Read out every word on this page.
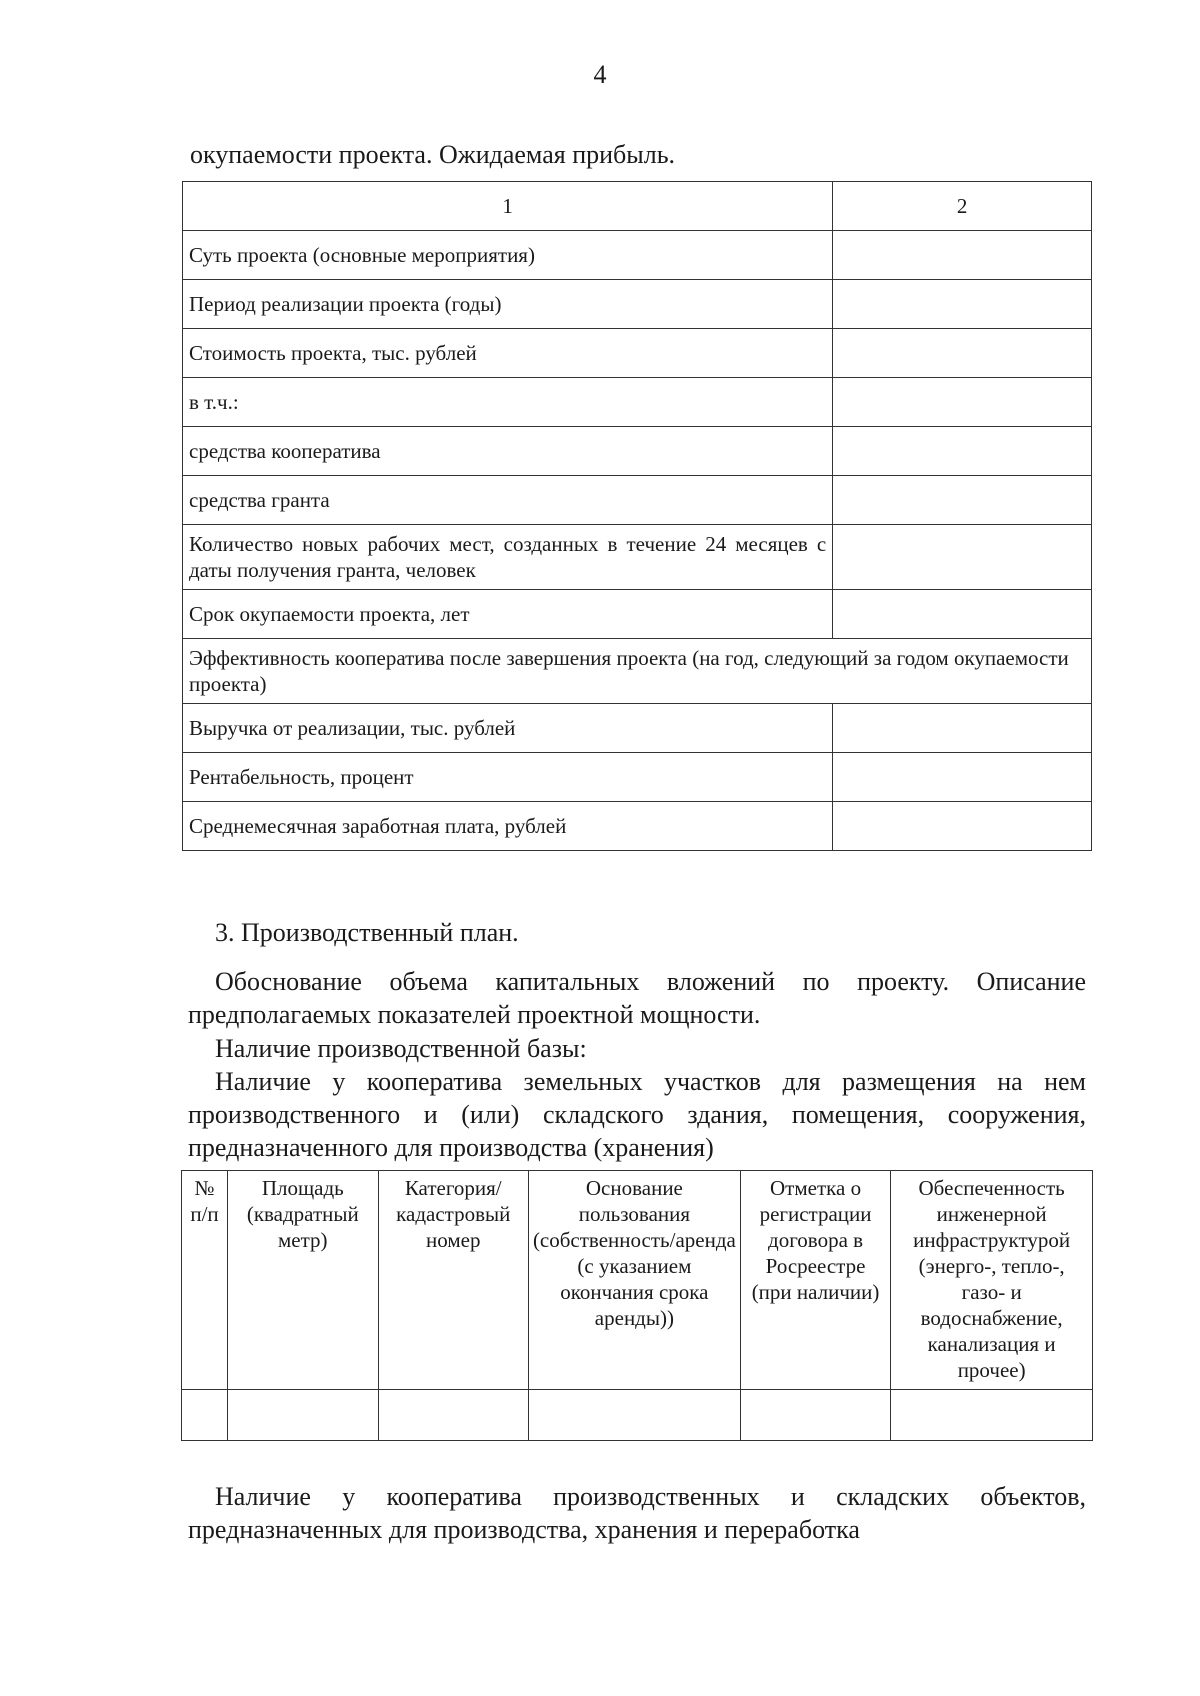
4
окупаемости проекта. Ожидаемая прибыль.
1	2
Суть проекта (основные мероприятия)	
Период реализации проекта (годы)	
Стоимость проекта, тыс. рублей	
в т.ч.:	
средства кооператива	
средства гранта	
Количество новых рабочих мест, созданных в течение 24 месяцев с даты получения гранта, человек	
Срок окупаемости проекта, лет	
Эффективность кооператива после завершения проекта (на год, следующий за годом окупаемости проекта)	
Выручка от реализации, тыс. рублей	
Рентабельность, процент	
Среднемесячная заработная плата, рублей	
3. Производственный план.

Обоснование объема капитальных вложений по проекту. Описание предполагаемых показателей проектной мощности.

Наличие производственной базы:

Наличие у кооператива земельных участков для размещения на нем производственного и (или) складского здания, помещения, сооружения, предназначенного для производства (хранения)

№ п/п	Площадь (квадратный метр)	Категория/кадастровый номер	Основание пользования (собственность/аренда (с указанием окончания срока аренды))	Отметка о регистрации договора в Росреестре (при наличии)	Обеспеченность инженерной инфраструктурой (энерго-, тепло-, газо- и водоснабжение, канализация и прочее)

Наличие у кооператива производственных и складских объектов, предназначенных для производства, хранения и переработка
